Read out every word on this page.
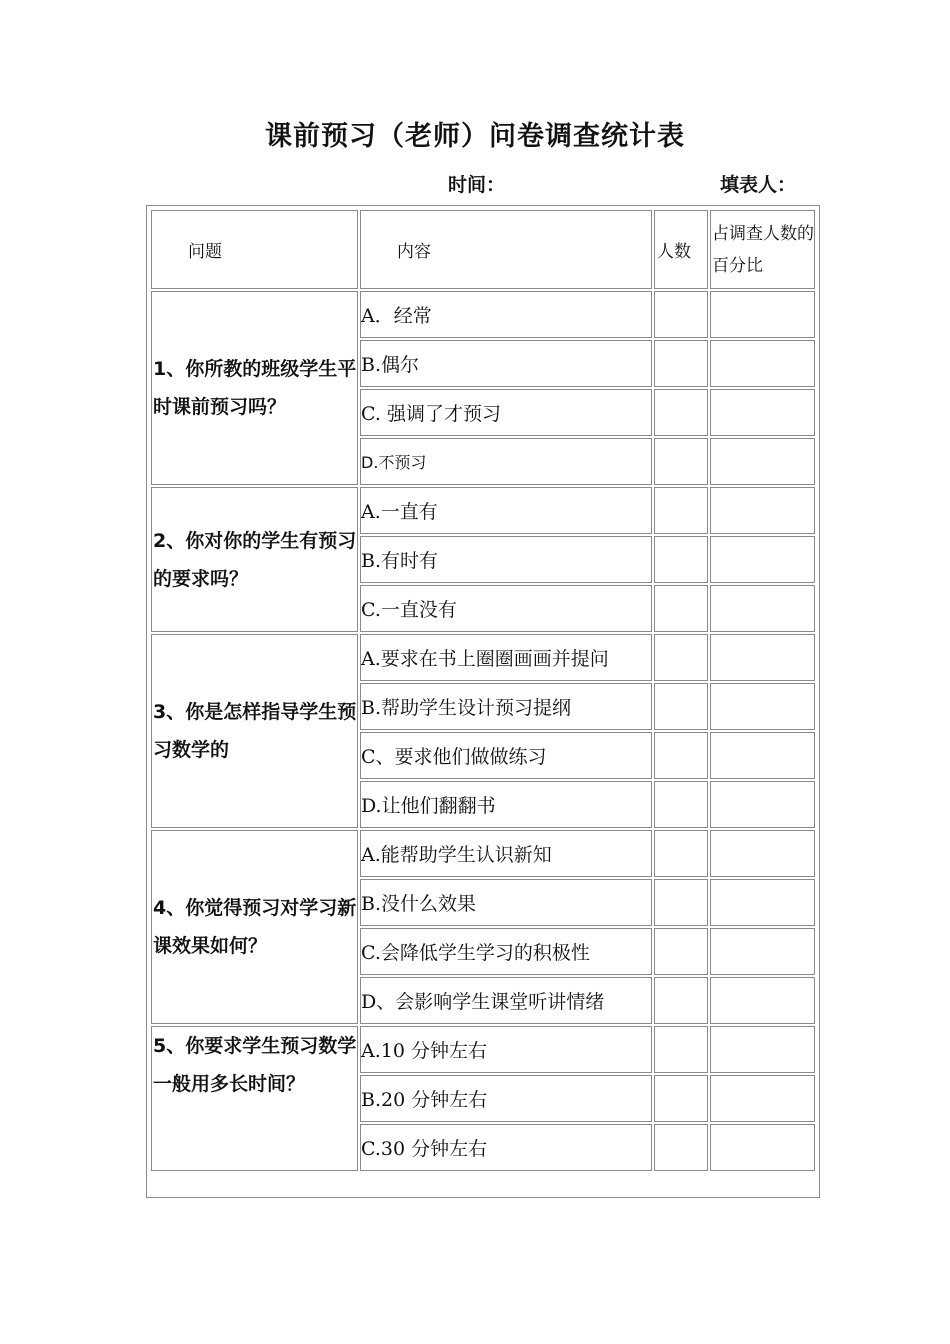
课前预习（老师）问卷调查统计表
时间：	填表人：
问题	内容	人数	占调查人数的百分比
1、你所教的班级学生平时课前预习吗？	A．经常		
	B.偶尔		
	C. 强调了才预习		
	D.不预习		
2、你对你的学生有预习的要求吗？	A.一直有		
	B.有时有		
	C.一直没有		
3、你是怎样指导学生预习数学的	A.要求在书上圈圈画画并提问		
	B.帮助学生设计预习提纲		
	C、要求他们做做练习		
	D.让他们翻翻书		
4、你觉得预习对学习新课效果如何？	A.能帮助学生认识新知		
	B.没什么效果		
	C.会降低学生学习的积极性		
	D、会影响学生课堂听讲情绪		
5、你要求学生预习数学一般用多长时间？	A.10 分钟左右		
	B.20 分钟左右		
	C.30 分钟左右		
